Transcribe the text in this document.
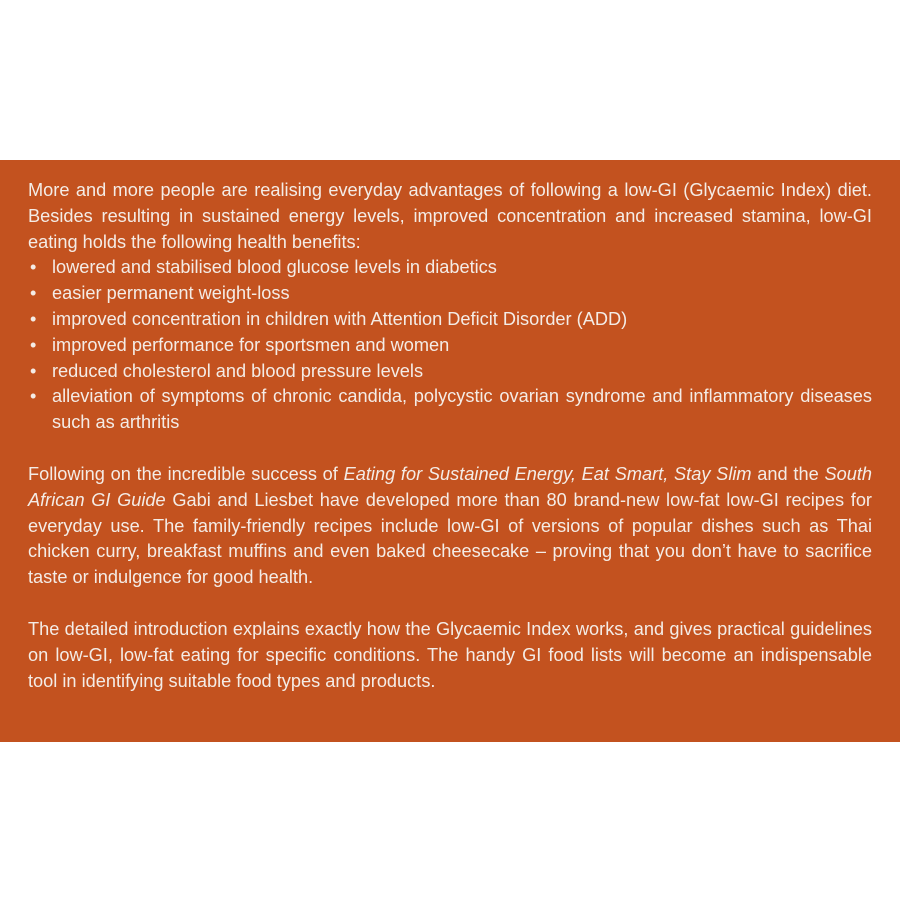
More and more people are realising everyday advantages of following a low-GI (Glycaemic Index) diet. Besides resulting in sustained energy levels, improved concentration and increased stamina, low-GI eating holds the following health benefits:

• lowered and stabilised blood glucose levels in diabetics
• easier permanent weight-loss
• improved concentration in children with Attention Deficit Disorder (ADD)
• improved performance for sportsmen and women
• reduced cholesterol and blood pressure levels
• alleviation of symptoms of chronic candida, polycystic ovarian syndrome and inflammatory diseases such as arthritis

Following on the incredible success of Eating for Sustained Energy, Eat Smart, Stay Slim and the South African GI Guide Gabi and Liesbet have developed more than 80 brand-new low-fat low-GI recipes for everyday use. The family-friendly recipes include low-GI of versions of popular dishes such as Thai chicken curry, breakfast muffins and even baked cheesecake – proving that you don’t have to sacrifice taste or indulgence for good health.

The detailed introduction explains exactly how the Glycaemic Index works, and gives practical guidelines on low-GI, low-fat eating for specific conditions. The handy GI food lists will become an indispensable tool in identifying suitable food types and products.
